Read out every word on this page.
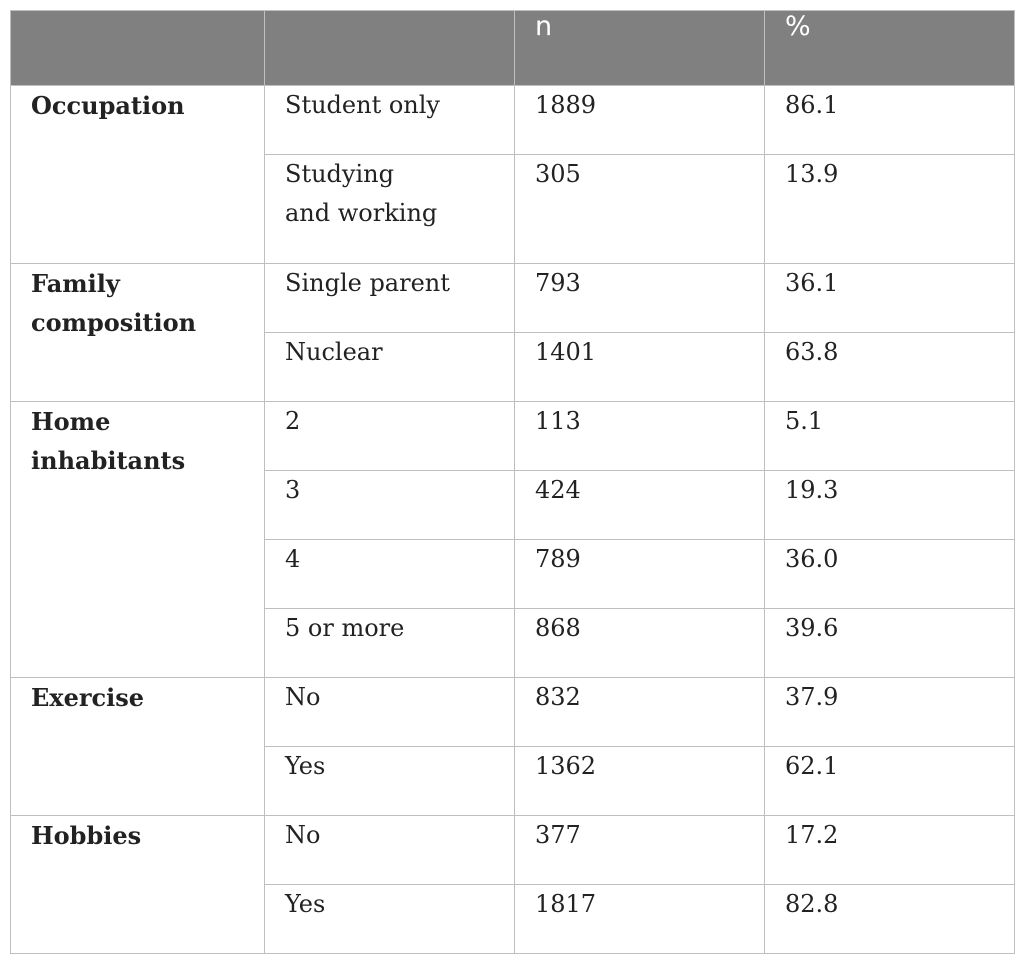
		n	%
Occupation	Student only	1889	86.1

	Studying and working	305	13.9
Family composition	Single parent	793	36.1
	Nuclear	1401	63.8
Home inhabitants	2	113	5.1
	3	424	19.3
	4	789	36.0
	5 or more	868	39.6
Exercise	No	832	37.9
	Yes	1362	62.1
Hobbies	No	377	17.2
	Yes	1817	82.8
